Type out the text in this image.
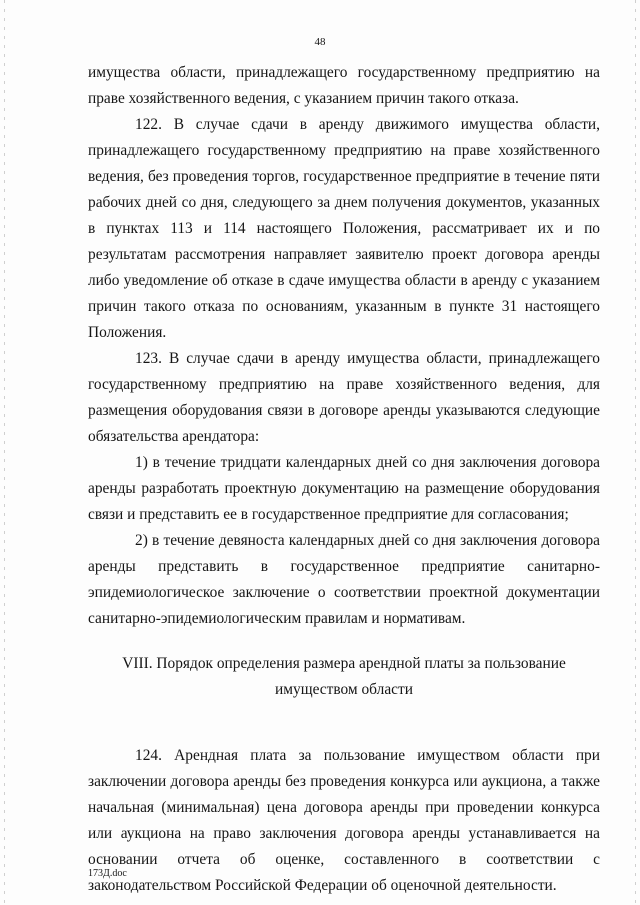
48

имущества области, принадлежащего государственному предприятию на праве хозяйственного ведения, с указанием причин такого отказа.

122. В случае сдачи в аренду движимого имущества области, принадлежащего государственному предприятию на праве хозяйственного ведения, без проведения торгов, государственное предприятие в течение пяти рабочих дней со дня, следующего за днем получения документов, указанных в пунктах 113 и 114 настоящего Положения, рассматривает их и по результатам рассмотрения направляет заявителю проект договора аренды либо уведомление об отказе в сдаче имущества области в аренду с указанием причин такого отказа по основаниям, указанным в пункте 31 настоящего Положения.

123. В случае сдачи в аренду имущества области, принадлежащего государственному предприятию на праве хозяйственного ведения, для размещения оборудования связи в договоре аренды указываются следующие обязательства арендатора:

1) в течение тридцати календарных дней со дня заключения договора аренды разработать проектную документацию на размещение оборудования связи и представить ее в государственное предприятие для согласования;

2) в течение девяноста календарных дней со дня заключения договора аренды представить в государственное предприятие санитарно-эпидемиологическое заключение о соответствии проектной документации санитарно-эпидемиологическим правилам и нормативам.

VIII. Порядок определения размера арендной платы за пользование
имуществом области

124. Арендная плата за пользование имуществом области при заключении договора аренды без проведения конкурса или аукциона, а также начальная (минимальная) цена договора аренды при проведении конкурса или аукциона на право заключения договора аренды устанавливается на основании отчета об оценке, составленного в соответствии с законодательством Российской Федерации об оценочной деятельности.

173Д.doc
